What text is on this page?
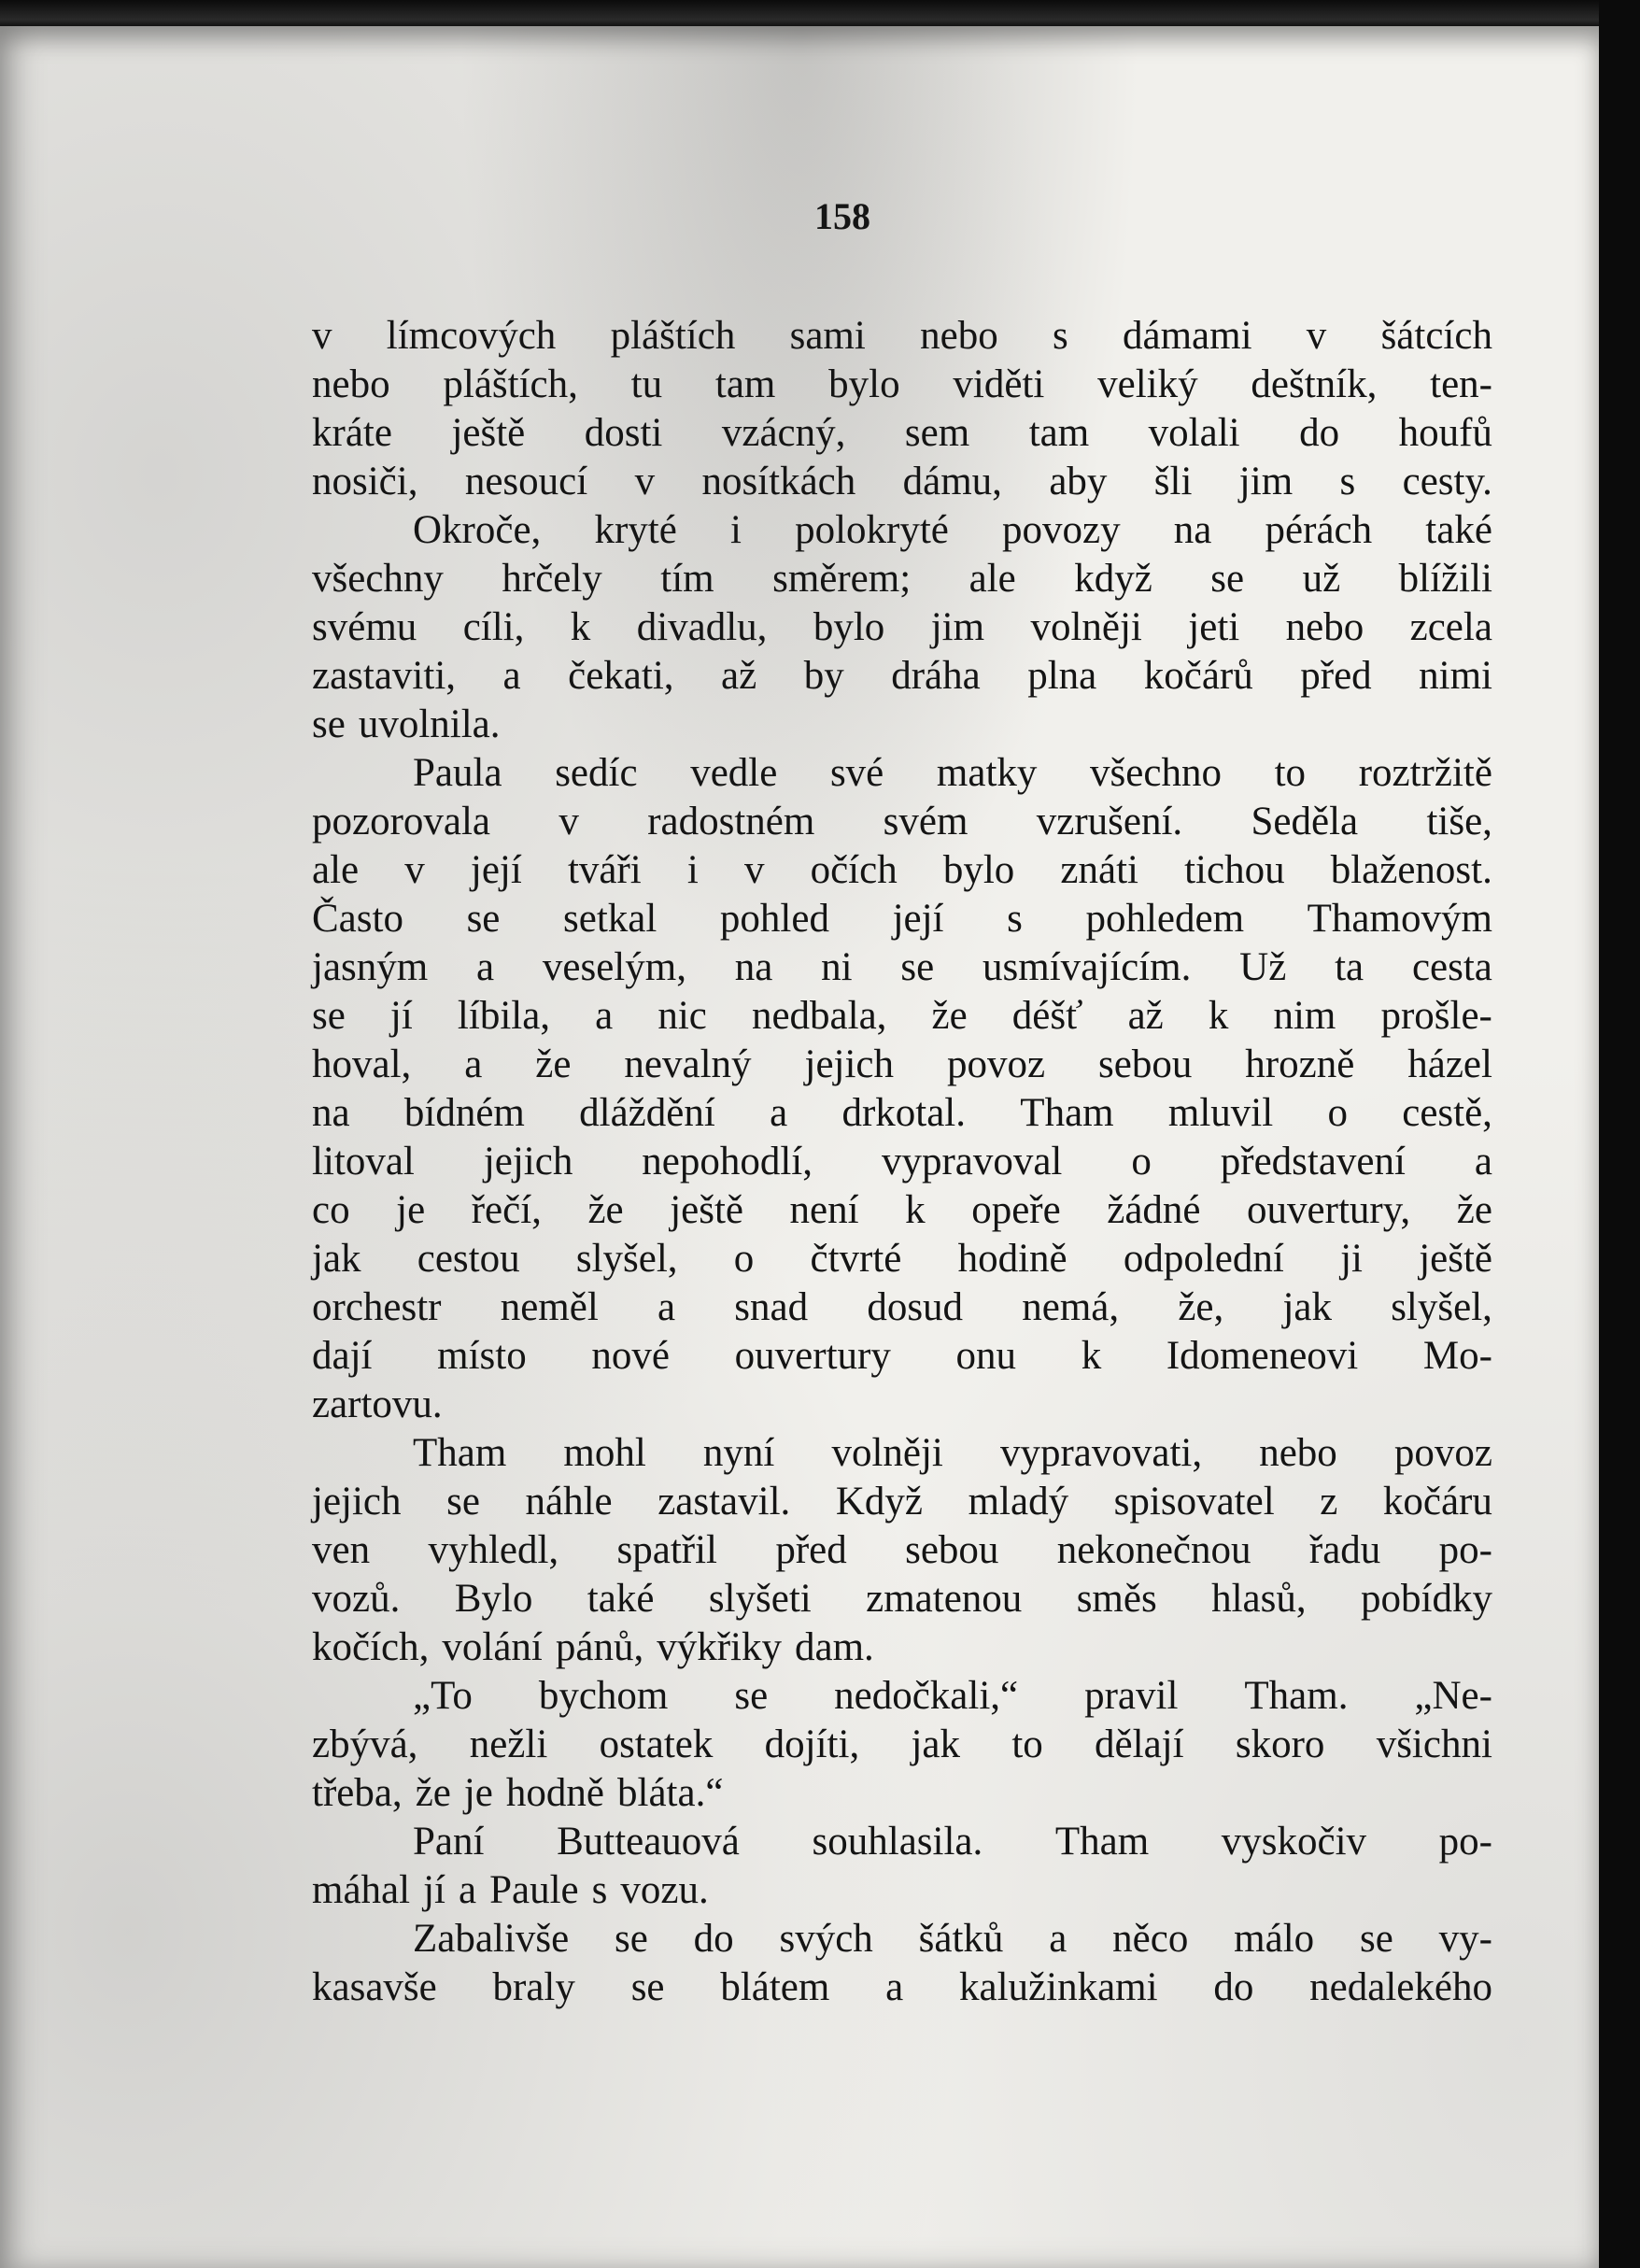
158
v límcových pláštích sami nebo s dámami v šátcích
nebo pláštích, tu tam bylo viděti veliký deštník, ten-
kráte ještě dosti vzácný, sem tam volali do houfů
nosiči, nesoucí v nosítkách dámu, aby šli jim s cesty.
Okroče, kryté i polokryté povozy na pérách také
všechny hrčely tím směrem; ale když se už blížili
svému cíli, k divadlu, bylo jim volněji jeti nebo zcela
zastaviti, a čekati, až by dráha plna kočárů před nimi
se uvolnila.
Paula sedíc vedle své matky všechno to roztržitě
pozorovala v radostném svém vzrušení. Seděla tiše,
ale v její tváři i v očích bylo znáti tichou blaženost.
Často se setkal pohled její s pohledem Thamovým
jasným a veselým, na ni se usmívajícím. Už ta cesta
se jí líbila, a nic nedbala, že déšť až k nim prošle-
hoval, a že nevalný jejich povoz sebou hrozně házel
na bídném dláždění a drkotal. Tham mluvil o cestě,
litoval jejich nepohodlí, vypravoval o představení a
co je řečí, že ještě není k opeře žádné ouvertury, že
jak cestou slyšel, o čtvrté hodině odpolední ji ještě
orchestr neměl a snad dosud nemá, že, jak slyšel,
dají místo nové ouvertury onu k Idomeneovi Mo-
zartovu.
Tham mohl nyní volněji vypravovati, nebo povoz
jejich se náhle zastavil. Když mladý spisovatel z kočáru
ven vyhledl, spatřil před sebou nekonečnou řadu po-
vozů. Bylo také slyšeti zmatenou směs hlasů, pobídky
kočích, volání pánů, výkřiky dam.
„To bychom se nedočkali,“ pravil Tham. „Ne-
zbývá, nežli ostatek dojíti, jak to dělají skoro všichni
třeba, že je hodně bláta.“
Paní Butteauová souhlasila. Tham vyskočiv po-
máhal jí a Paule s vozu.
Zabalivše se do svých šátků a něco málo se vy-
kasavše braly se blátem a kalužinkami do nedalekého
